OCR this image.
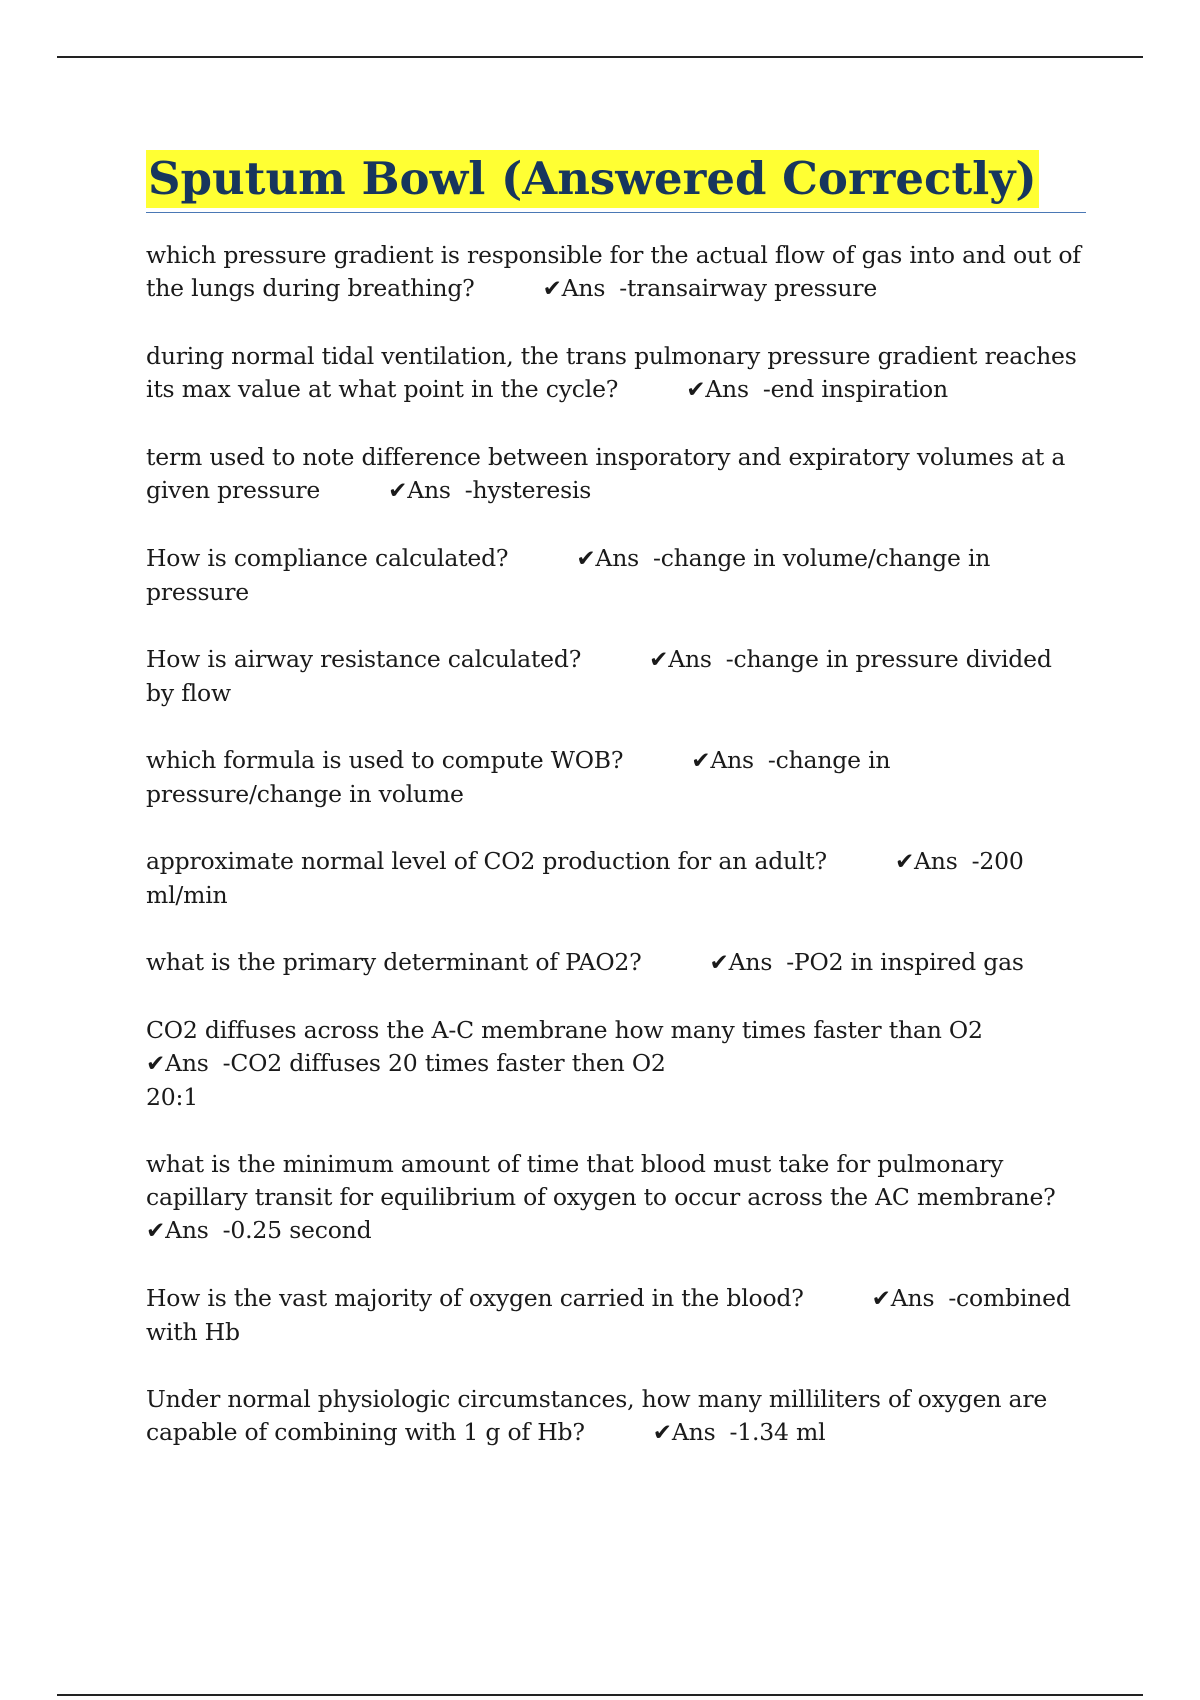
Sputum Bowl (Answered Correctly)
which pressure gradient is responsible for the actual flow of gas into and out of the lungs during breathing?	✔Ans -transairway pressure
during normal tidal ventilation, the trans pulmonary pressure gradient reaches its max value at what point in the cycle?	✔Ans -end inspiration
term used to note difference between insporatory and expiratory volumes at a given pressure	✔Ans -hysteresis
How is compliance calculated?	✔Ans -change in volume/change in pressure
How is airway resistance calculated?	✔Ans -change in pressure divided by flow
which formula is used to compute WOB?	✔Ans -change in pressure/change in volume
approximate normal level of CO2 production for an adult?	✔Ans -200 ml/min
what is the primary determinant of PAO2?	✔Ans -PO2 in inspired gas
CO2 diffuses across the A-C membrane how many times faster than O2
✔Ans -CO2 diffuses 20 times faster then O2
20:1
what is the minimum amount of time that blood must take for pulmonary capillary transit for equilibrium of oxygen to occur across the AC membrane?
✔Ans -0.25 second
How is the vast majority of oxygen carried in the blood?	✔Ans -combined with Hb
Under normal physiologic circumstances, how many milliliters of oxygen are capable of combining with 1 g of Hb?	✔Ans -1.34 ml
